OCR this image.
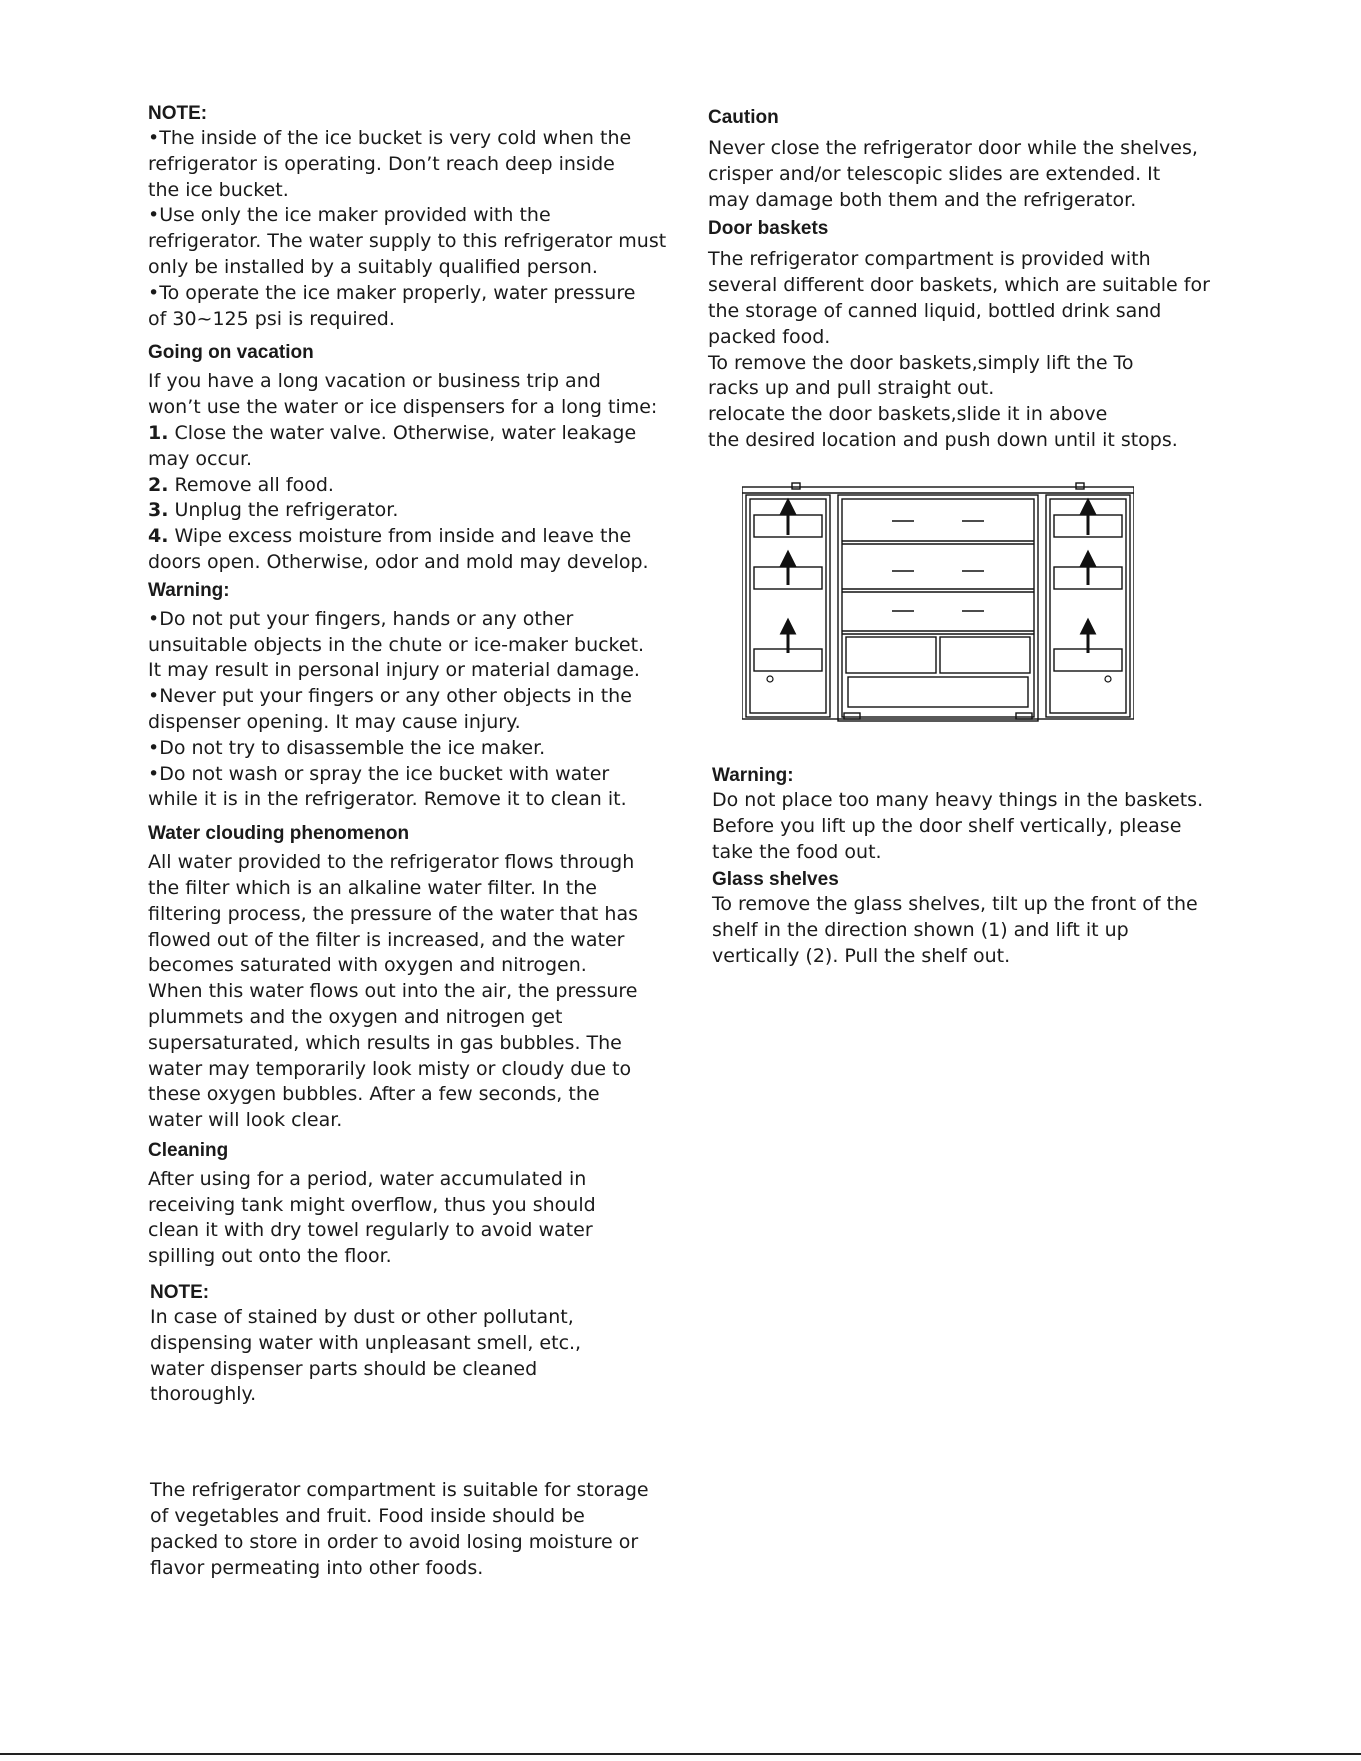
NOTE:

•The inside of the ice bucket is very cold when the

refrigerator is operating. Don’t reach deep inside

the ice bucket.

•Use only the ice maker provided with the

refrigerator. The water supply to this refrigerator must

only be installed by a suitably qualified person.

•To operate the ice maker properly, water pressure

of 30~125 psi is required.

Going on vacation

If you have a long vacation or business trip and

won’t use the water or ice dispensers for a long time:

1. Close the water valve. Otherwise, water leakage

may occur.

2. Remove all food.

3. Unplug the refrigerator.

4. Wipe excess moisture from inside and leave the

doors open. Otherwise, odor and mold may develop.

Warning:

•Do not put your fingers, hands or any other

unsuitable objects in the chute or ice-maker bucket.

It may result in personal injury or material damage.

•Never put your fingers or any other objects in the

dispenser opening. It may cause injury.

•Do not try to disassemble the ice maker.

•Do not wash or spray the ice bucket with water

while it is in the refrigerator. Remove it to clean it.

Water clouding phenomenon

All water provided to the refrigerator flows through

the filter which is an alkaline water filter. In the

filtering process, the pressure of the water that has

flowed out of the filter is increased, and the water

becomes saturated with oxygen and nitrogen.

When this water flows out into the air, the pressure

plummets and the oxygen and nitrogen get

supersaturated, which results in gas bubbles. The

water may temporarily look misty or cloudy due to

these oxygen bubbles. After a few seconds, the

water will look clear.

Cleaning

After using for a period, water accumulated in

receiving tank might overflow, thus you should

clean it with dry towel regularly to avoid water

spilling out onto the floor.

NOTE:

In case of stained by dust or other pollutant,

dispensing water with unpleasant smell, etc.,

water dispenser parts should be cleaned

thoroughly.

The refrigerator compartment is suitable for storage

of vegetables and fruit. Food inside should be

packed to store in order to avoid losing moisture or

flavor permeating into other foods.

Caution

Never close the refrigerator door while the shelves,

crisper and/or telescopic slides are extended. It

may damage both them and the refrigerator.

Door baskets

The refrigerator compartment is provided with

several different door baskets, which are suitable for

the storage of canned liquid, bottled drink sand

packed food.

To remove the door baskets,simply lift the To

racks up and pull straight out.

relocate the door baskets,slide it in above

the desired location and push down until it stops.

Warning:

Do not place too many heavy things in the baskets.

Before you lift up the door shelf vertically, please

take the food out.

Glass shelves

To remove the glass shelves, tilt up the front of the

shelf in the direction shown (1) and lift it up

vertically (2). Pull the shelf out.
